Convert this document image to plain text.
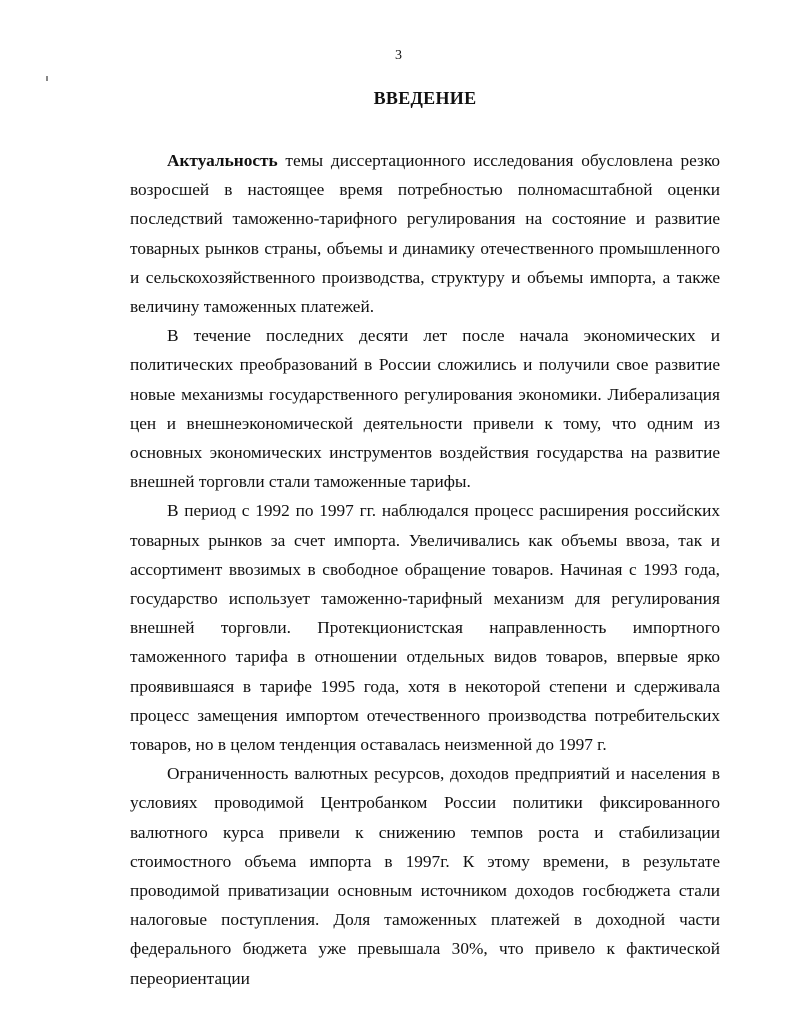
3
ВВЕДЕНИЕ

Актуальность темы диссертационного исследования обусловлена резко возросшей в настоящее время потребностью полномасштабной оценки последствий таможенно-тарифного регулирования на состояние и развитие товарных рынков страны, объемы и динамику отечественного промышленного и сельскохозяйственного производства, структуру и объемы импорта, а также величину таможенных платежей.

В течение последних десяти лет после начала экономических и политических преобразований в России сложились и получили свое развитие новые механизмы государственного регулирования экономики. Либерализация цен и внешнеэкономической деятельности привели к тому, что одним из основных экономических инструментов воздействия государства на развитие внешней торговли стали таможенные тарифы.

В период с 1992 по 1997 гг. наблюдался процесс расширения российских товарных рынков за счет импорта. Увеличивались как объемы ввоза, так и ассортимент ввозимых в свободное обращение товаров. Начиная с 1993 года, государство использует таможенно-тарифный механизм для регулирования внешней торговли. Протекционистская направленность импортного таможенного тарифа в отношении отдельных видов товаров, впервые ярко проявившаяся в тарифе 1995 года, хотя в некоторой степени и сдерживала процесс замещения импортом отечественного производства потребительских товаров, но в целом тенденция оставалась неизменной до 1997 г.

Ограниченность валютных ресурсов, доходов предприятий и населения в условиях проводимой Центробанком России политики фиксированного валютного курса привели к снижению темпов роста и стабилизации стоимостного объема импорта в 1997г. К этому времени, в результате проводимой приватизации основным источником доходов госбюджета стали налоговые поступления. Доля таможенных платежей в доходной части федерального бюджета уже превышала 30%, что привело к фактической переориентации
